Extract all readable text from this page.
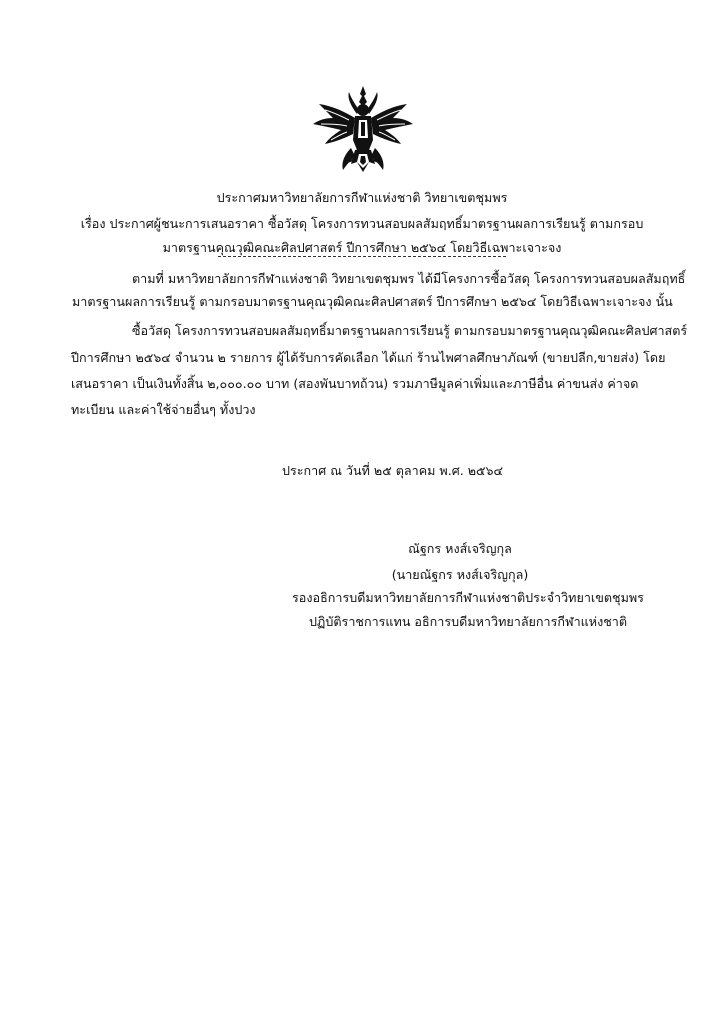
ประกาศมหาวิทยาลัยการกีฬาแห่งชาติ วิทยาเขตชุมพร
เรื่อง ประกาศผู้ชนะการเสนอราคา ซื้อวัสดุ โครงการทวนสอบผลสัมฤทธิ์มาตรฐานผลการเรียนรู้ ตามกรอบ
มาตรฐานคุณวุฒิคณะศิลปศาสตร์ ปีการศึกษา ๒๕๖๔ โดยวิธีเฉพาะเจาะจง
ตามที่ มหาวิทยาลัยการกีฬาแห่งชาติ วิทยาเขตชุมพร ได้มีโครงการซื้อวัสดุ โครงการทวนสอบผลสัมฤทธิ์
มาตรฐานผลการเรียนรู้ ตามกรอบมาตรฐานคุณวุฒิคณะศิลปศาสตร์ ปีการศึกษา ๒๕๖๔ โดยวิธีเฉพาะเจาะจง นั้น
ซื้อวัสดุ โครงการทวนสอบผลสัมฤทธิ์มาตรฐานผลการเรียนรู้ ตามกรอบมาตรฐานคุณวุฒิคณะศิลปศาสตร์
ปีการศึกษา ๒๕๖๔ จำนวน ๒ รายการ ผู้ได้รับการคัดเลือก ได้แก่ ร้านไพศาลศึกษาภัณฑ์ (ขายปลีก,ขายส่ง) โดย
เสนอราคา เป็นเงินทั้งสิ้น ๒,๐๐๐.๐๐ บาท (สองพันบาทถ้วน) รวมภาษีมูลค่าเพิ่มและภาษีอื่น ค่าขนส่ง ค่าจด
ทะเบียน และค่าใช้จ่ายอื่นๆ ทั้งปวง
ประกาศ ณ วันที่ ๒๕ ตุลาคม พ.ศ. ๒๕๖๔
ณัฐกร หงส์เจริญกุล
(นายณัฐกร หงส์เจริญกุล)
รองอธิการบดีมหาวิทยาลัยการกีฬาแห่งชาติประจำวิทยาเขตชุมพร
ปฏิบัติราชการแทน อธิการบดีมหาวิทยาลัยการกีฬาแห่งชาติ
